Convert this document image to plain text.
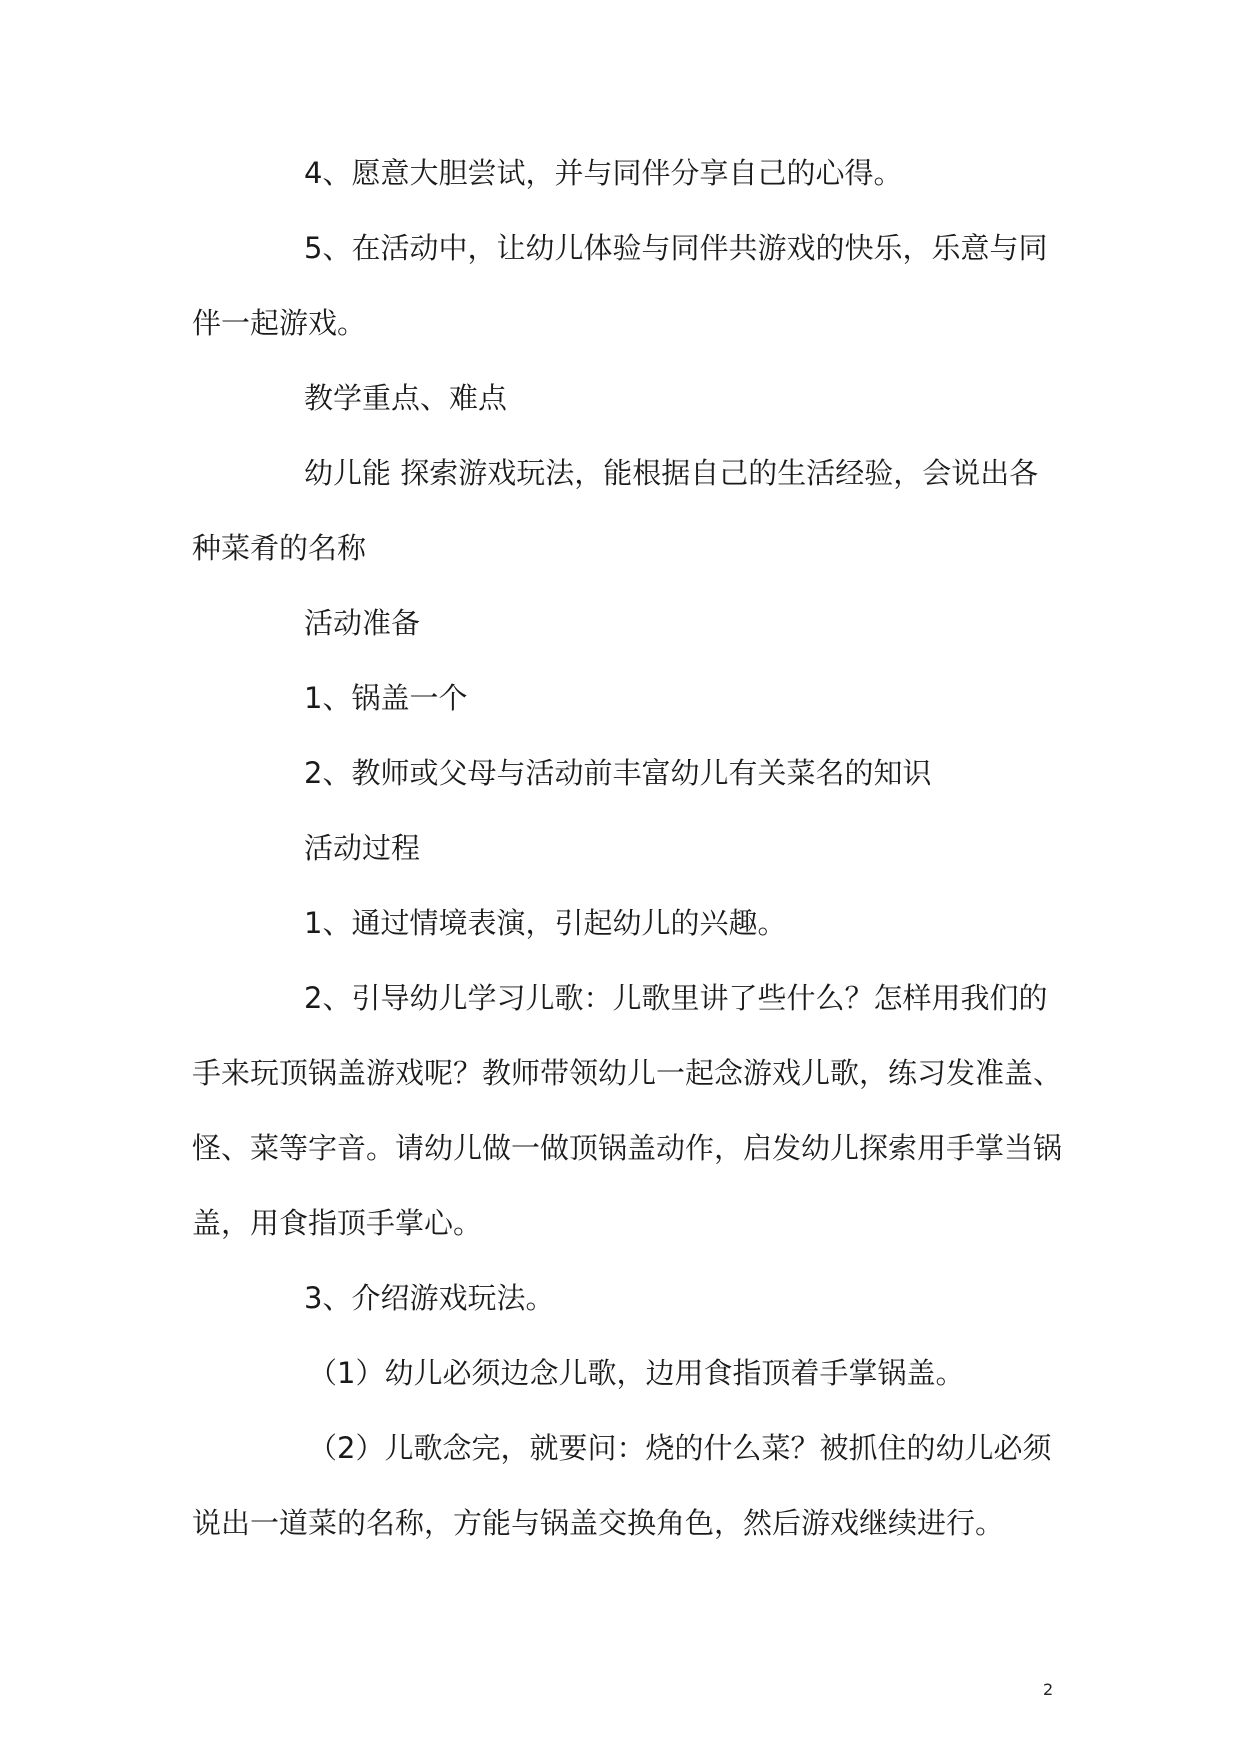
4、愿意大胆尝试，并与同伴分享自己的心得。
5、在活动中，让幼儿体验与同伴共游戏的快乐，乐意与同
伴一起游戏。
教学重点、难点
幼儿能 探索游戏玩法，能根据自己的生活经验，会说出各
种菜肴的名称
活动准备
1、锅盖一个
2、教师或父母与活动前丰富幼儿有关菜名的知识
活动过程
1、通过情境表演，引起幼儿的兴趣。
2、引导幼儿学习儿歌：儿歌里讲了些什么？怎样用我们的
手来玩顶锅盖游戏呢？教师带领幼儿一起念游戏儿歌，练习发准盖、
怪、菜等字音。请幼儿做一做顶锅盖动作，启发幼儿探索用手掌当锅
盖，用食指顶手掌心。
3、介绍游戏玩法。
（1）幼儿必须边念儿歌，边用食指顶着手掌锅盖。
（2）儿歌念完，就要问：烧的什么菜？被抓住的幼儿必须
说出一道菜的名称，方能与锅盖交换角色，然后游戏继续进行。
2
